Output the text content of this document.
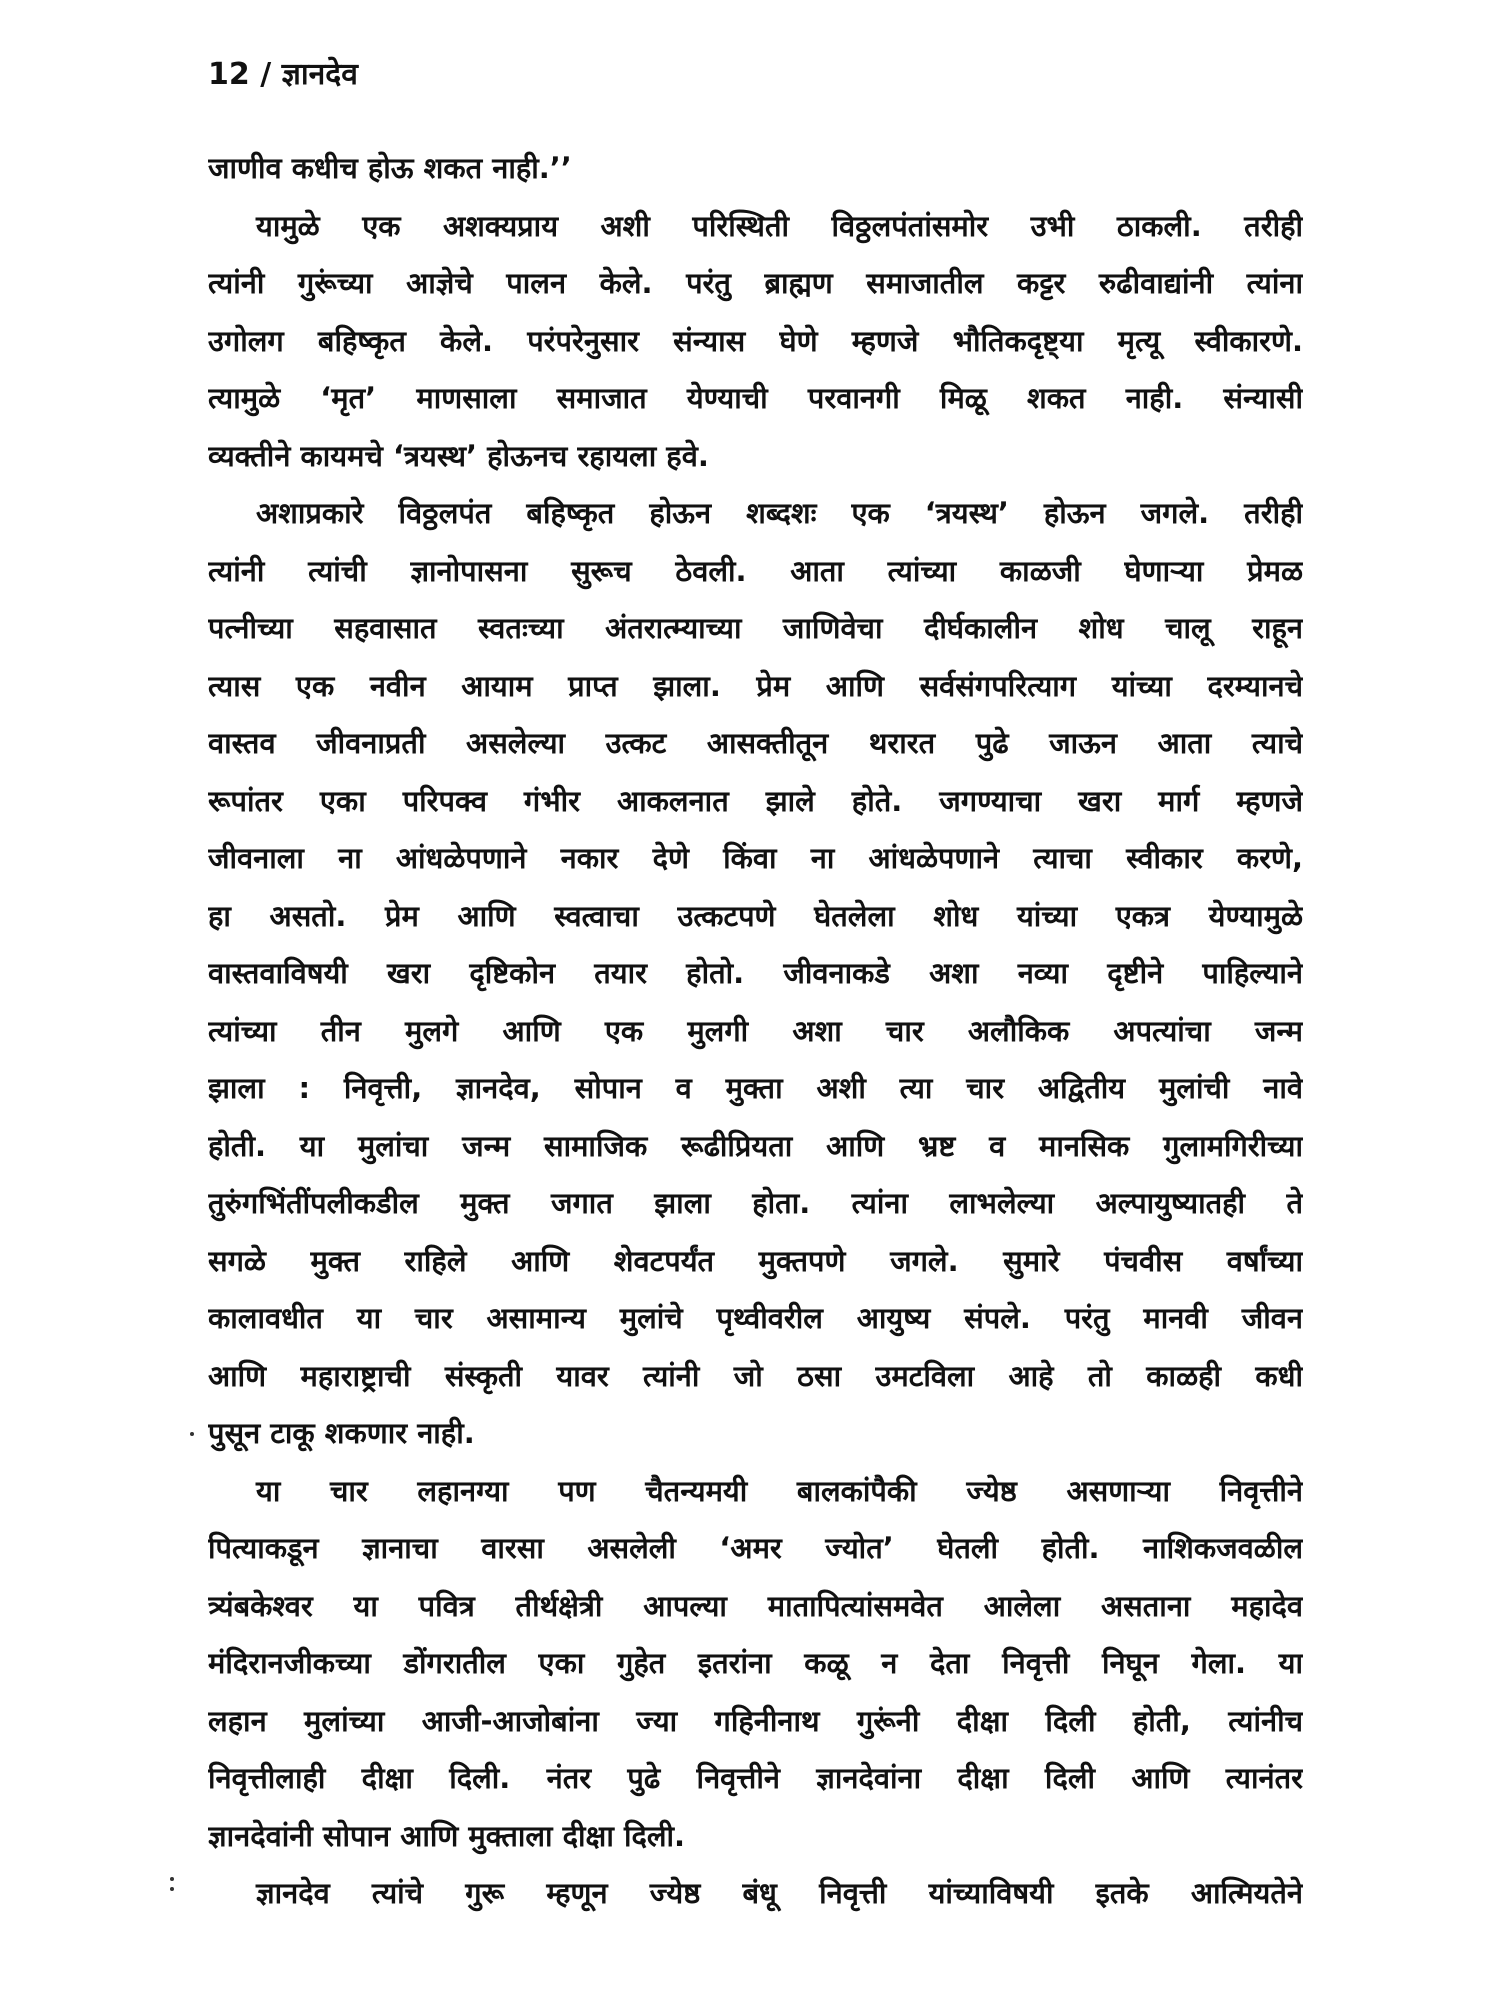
12 / ज्ञानदेव

जाणीव कधीच होऊ शकत नाही.’’

यामुळे एक अशक्यप्राय अशी परिस्थिती विठ्ठलपंतांसमोर उभी ठाकली. तरीही
त्यांनी गुरूंच्या आज्ञेचे पालन केले. परंतु ब्राह्मण समाजातील कट्टर रुढीवाद्यांनी त्यांना
उगोलग बहिष्कृत केले. परंपरेनुसार संन्यास घेणे म्हणजे भौतिकदृष्ट्या मृत्यू स्वीकारणे.
त्यामुळे ‘मृत’ माणसाला समाजात येण्याची परवानगी मिळू शकत नाही. संन्यासी
व्यक्तीने कायमचे ‘त्रयस्थ’ होऊनच रहायला हवे.

अशाप्रकारे विठ्ठलपंत बहिष्कृत होऊन शब्दशः एक ‘त्रयस्थ’ होऊन जगले. तरीही
त्यांनी त्यांची ज्ञानोपासना सुरूच ठेवली. आता त्यांच्या काळजी घेणाऱ्या प्रेमळ
पत्नीच्या सहवासात स्वतःच्या अंतरात्म्याच्या जाणिवेचा दीर्घकालीन शोध चालू राहून
त्यास एक नवीन आयाम प्राप्त झाला. प्रेम आणि सर्वसंगपरित्याग यांच्या दरम्यानचे
वास्तव जीवनाप्रती असलेल्या उत्कट आसक्तीतून थरारत पुढे जाऊन आता त्याचे
रूपांतर एका परिपक्व गंभीर आकलनात झाले होते. जगण्याचा खरा मार्ग म्हणजे
जीवनाला ना आंधळेपणाने नकार देणे किंवा ना आंधळेपणाने त्याचा स्वीकार करणे,
हा असतो. प्रेम आणि स्वत्वाचा उत्कटपणे घेतलेला शोध यांच्या एकत्र येण्यामुळे
वास्तवाविषयी खरा दृष्टिकोन तयार होतो. जीवनाकडे अशा नव्या दृष्टीने पाहिल्याने
त्यांच्या तीन मुलगे आणि एक मुलगी अशा चार अलौकिक अपत्यांचा जन्म
झाला : निवृत्ती, ज्ञानदेव, सोपान व मुक्ता अशी त्या चार अद्वितीय मुलांची नावे
होती. या मुलांचा जन्म सामाजिक रूढीप्रियता आणि भ्रष्ट व मानसिक गुलामगिरीच्या
तुरुंगभिंतींपलीकडील मुक्त जगात झाला होता. त्यांना लाभलेल्या अल्पायुष्यातही ते
सगळे मुक्त राहिले आणि शेवटपर्यंत मुक्तपणे जगले. सुमारे पंचवीस वर्षांच्या
कालावधीत या चार असामान्य मुलांचे पृथ्वीवरील आयुष्य संपले. परंतु मानवी जीवन
आणि महाराष्ट्राची संस्कृती यावर त्यांनी जो ठसा उमटविला आहे तो काळही कधी
पुसून टाकू शकणार नाही.

या चार लहानग्या पण चैतन्यमयी बालकांपैकी ज्येष्ठ असणाऱ्या निवृत्तीने
पित्याकडून ज्ञानाचा वारसा असलेली ‘अमर ज्योत’ घेतली होती. नाशिकजवळील
त्र्यंबकेश्वर या पवित्र तीर्थक्षेत्री आपल्या मातापित्यांसमवेत आलेला असताना महादेव
मंदिरानजीकच्या डोंगरातील एका गुहेत इतरांना कळू न देता निवृत्ती निघून गेला. या
लहान मुलांच्या आजी-आजोबांना ज्या गहिनीनाथ गुरूंनी दीक्षा दिली होती, त्यांनीच
निवृत्तीलाही दीक्षा दिली. नंतर पुढे निवृत्तीने ज्ञानदेवांना दीक्षा दिली आणि त्यानंतर
ज्ञानदेवांनी सोपान आणि मुक्ताला दीक्षा दिली.

ज्ञानदेव त्यांचे गुरू म्हणून ज्येष्ठ बंधू निवृत्ती यांच्याविषयी इतके आत्मियतेने
